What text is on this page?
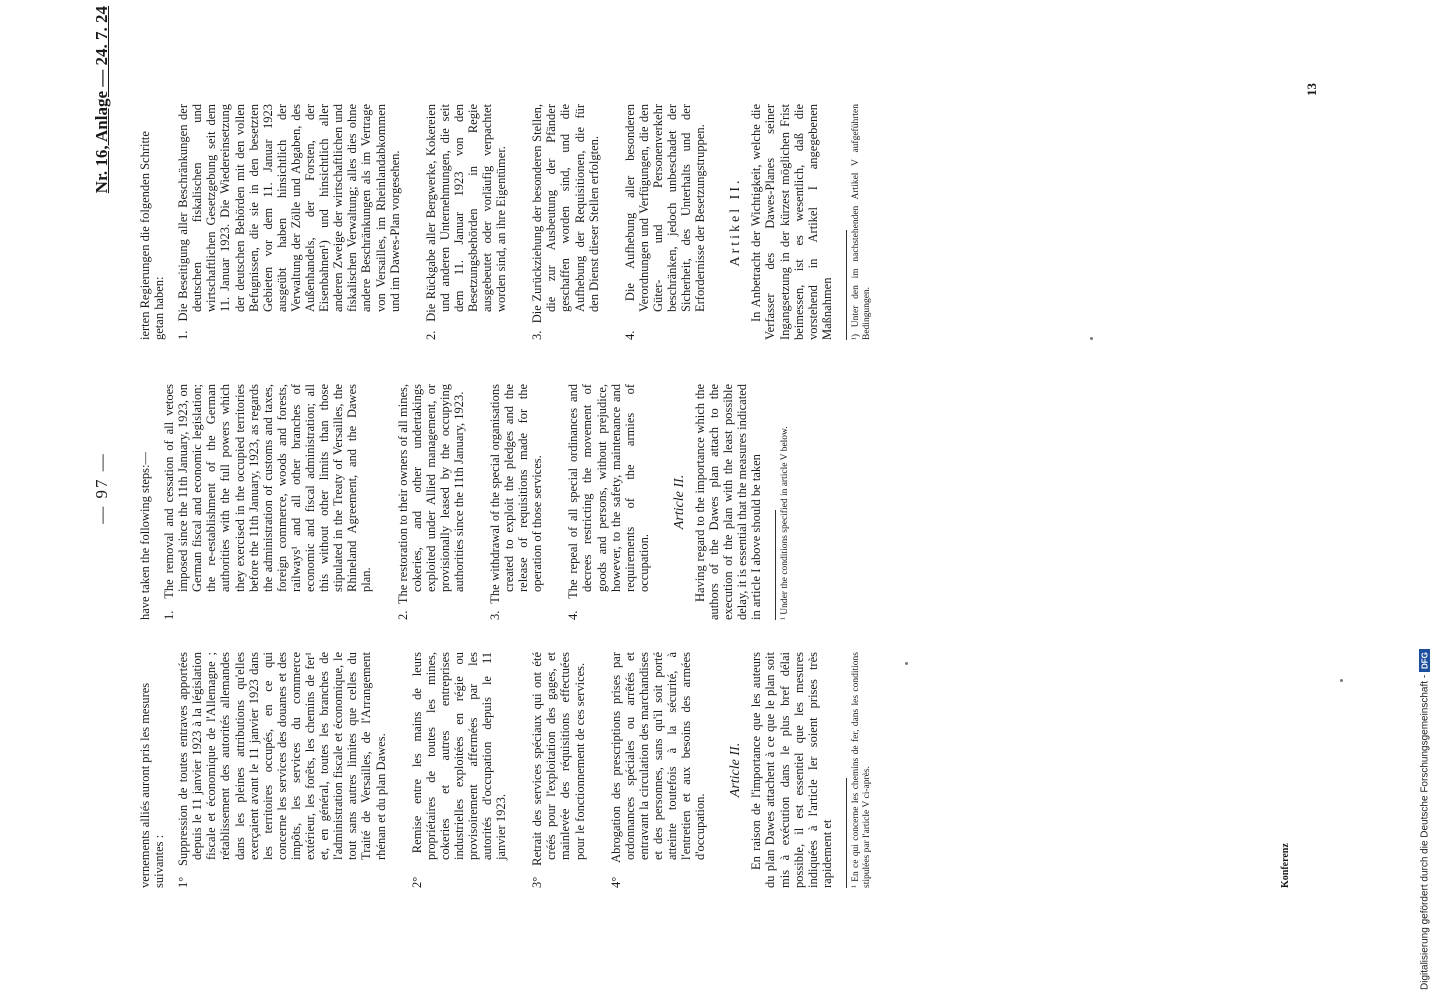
— 97 —
Nr. 16, Anlage — 24. 7. 24

vernements alliés auront pris les mesures suivantes : 1°  Suppression de toutes entraves apportées depuis le 11 janvier 1923 à la législation fiscale et économique de l'Allemagne ; rétablissement des autorités allemandes dans les pleines attributions qu'elles exerçaient avant le 11 janvier 1923 dans les territoires occupés, en ce qui concerne les services des douanes et des impôts, les services du commerce extérieur, les forêts, les chemins de fer¹ et, en général, toutes les branches de l'administration fiscale et économique, le tout sans autres limites que celles du Traité de Versailles, de l'Arrangement rhénan et du plan Dawes.

2°  Remise entre les mains de leurs propriétaires de toutes les mines, cokeries et autres entreprises industrielles exploitées en régie ou provisoirement affermées par les autorités d'occupation depuis le 11 janvier 1923.

3°  Retrait des services spéciaux qui ont été créés pour l'exploitation des gages, et mainlevée des réquisitions effectuées pour le fonctionnement de ces services.

4°  Abrogation des prescriptions prises par ordonnances spéciales ou arrêtés et entravant la circulation des marchandises et des personnes, sans qu'il soit porté atteinte toutefois à la sécurité, à l'entretien et aux besoins des armées d'occupation.

Article II. En raison de l'importance que les auteurs du plan Dawes attachent à ce que le plan soit mis à exécution dans le plus bref délai possible, il est essentiel que les mesures indiquées à l'article Ier soient prises très rapidement et ¹ En ce qui concerne les chemins de fer, dans les conditions stipulées par l'article V ci-après.

have taken the following steps:— 1.  The removal and cessation of all vetoes imposed since the 11th January, 1923, on German fiscal and economic legislation; the re-establishment of the German authorities with the full powers which they exercised in the occupied territories before the 11th January, 1923, as regards the administration of customs and taxes, foreign commerce, woods and forests, railways¹ and all other branches of economic and fiscal administration; all this without other limits than those stipulated in the Treaty of Versailles, the Rhineland Agreement, and the Dawes plan.

2.  The restoration to their owners of all mines, cokeries, and other undertakings exploited under Allied management, or provisionally leased by the occupying authorities since the 11th January, 1923.

3.  The withdrawal of the special organisations created to exploit the pledges and the release of requisitions made for the operation of those services.

4.  The repeal of all special ordinances and decrees restricting the movement of goods and persons, without prejudice, however, to the safety, maintenance and requirements of the armies of occupation.

Article II. Having regard to the importance which the authors of the Dawes plan attach to the execution of the plan with the least possible delay, it is essential that the measures indicated in article I above should be taken ¹ Under the conditions specified in article V below.

ierten Regierungen die folgenden Schritte getan haben: 1.  Die Beseitigung aller Beschränkungen der deutschen fiskalischen und wirtschaftlichen Gesetzgebung seit dem 11. Januar 1923. Die Wiedereinsetzung der deutschen Behörden mit den vollen Befugnissen, die sie in den besetzten Gebieten vor dem 11. Januar 1923 ausgeübt haben hinsichtlich der Verwaltung der Zölle und Abgaben, des Außenhandels, der Forsten, der Eisenbahnen¹) und hinsichtlich aller anderen Zweige der wirtschaftlichen und fiskalischen Verwaltung; alles dies ohne andere Beschränkungen als im Vertrage von Versailles, im Rheinlandabkommen und im Dawes-Plan vorgesehen.

2.  Die Rückgabe aller Bergwerke, Kokereien und anderen Unternehmungen, die seit dem 11. Januar 1923 von den Besetzungsbehörden in Regie ausgebeutet oder vorläufig verpachtet worden sind, an ihre Eigentümer.

3.  Die Zurückziehung der besonderen Stellen, die zur Ausbeutung der Pfänder geschaffen worden sind, und die Aufhebung der Requisitionen, die für den Dienst dieser Stellen erfolgten.

4.  Die Aufhebung aller besonderen Verordnungen und Verfügungen, die den Güter- und Personenverkehr beschränken, jedoch unbeschadet der Sicherheit, des Unterhalts und der Erfordernisse der Besetzungstruppen. Artikel II. In Anbetracht der Wichtigkeit, welche die Verfasser des Dawes-Planes seiner Ingangsetzung in der kürzest möglichen Frist beimessen, ist es wesentlich, daß die vorstehend in Artikel I angegebenen Maßnahmen ¹) Unter den im nachstehenden Artikel V aufgeführten Bedingungen.
Konferenz
13
Digitalisierung gefördert durch die Deutsche Forschungsgemeinschaft -
DFG
